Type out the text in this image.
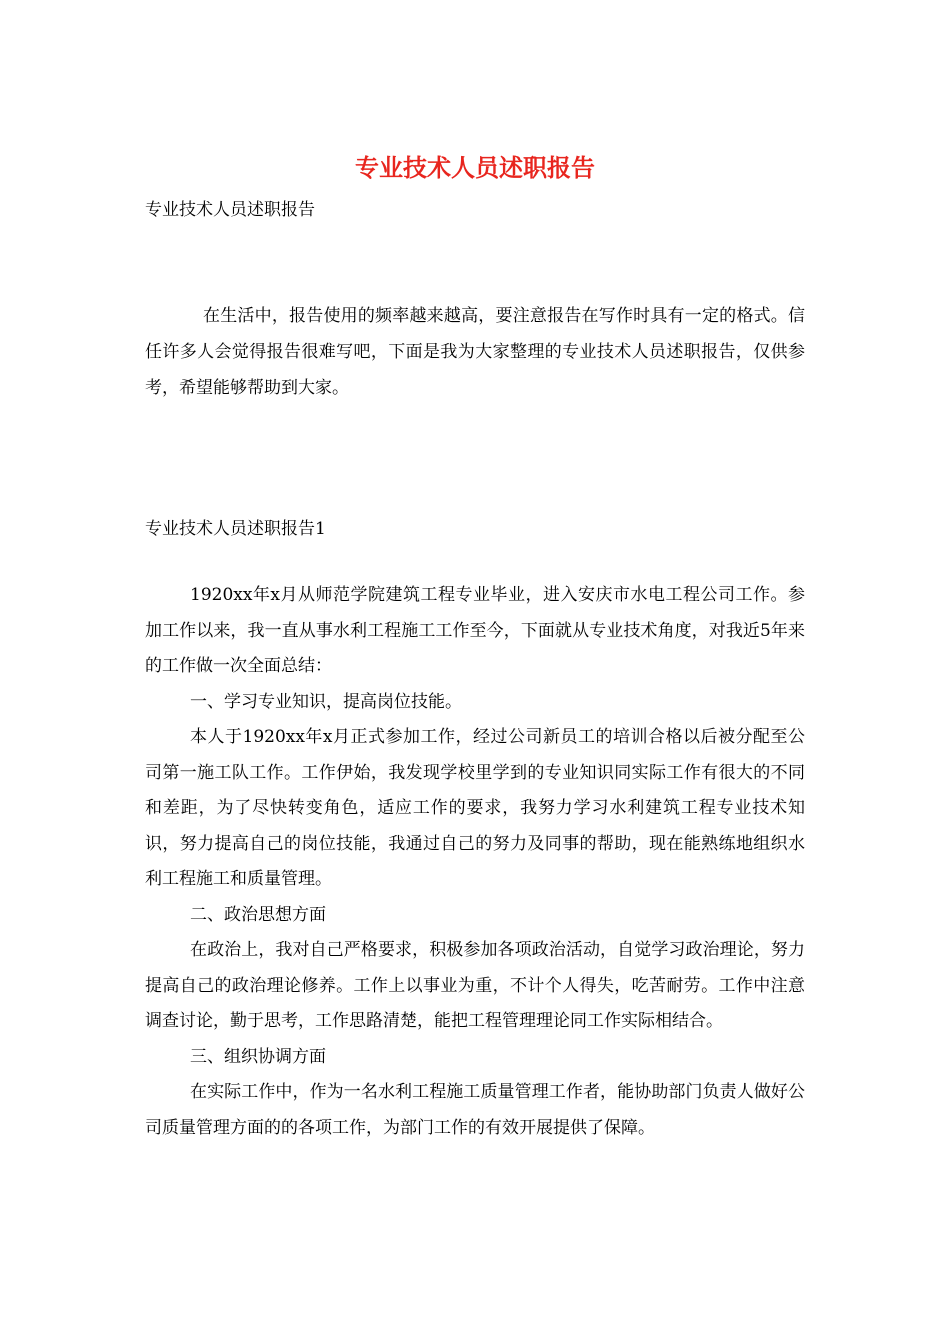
专业技术人员述职报告
专业技术人员述职报告

在生活中，报告使用的频率越来越高，要注意报告在写作时具有一定的格式。信任许多人会觉得报告很难写吧，下面是我为大家整理的专业技术人员述职报告，仅供参考，希望能够帮助到大家。

专业技术人员述职报告1

1920xx年x月从师范学院建筑工程专业毕业，进入安庆市水电工程公司工作。参加工作以来，我一直从事水利工程施工工作至今，下面就从专业技术角度，对我近5年来的工作做一次全面总结：

一、学习专业知识，提高岗位技能。

本人于1920xx年x月正式参加工作，经过公司新员工的培训合格以后被分配至公司第一施工队工作。工作伊始，我发现学校里学到的专业知识同实际工作有很大的不同和差距，为了尽快转变角色，适应工作的要求，我努力学习水利建筑工程专业技术知识，努力提高自己的岗位技能，我通过自己的努力及同事的帮助，现在能熟练地组织水利工程施工和质量管理。

二、政治思想方面

在政治上，我对自己严格要求，积极参加各项政治活动，自觉学习政治理论，努力提高自己的政治理论修养。工作上以事业为重，不计个人得失，吃苦耐劳。工作中注意调查讨论，勤于思考，工作思路清楚，能把工程管理理论同工作实际相结合。

三、组织协调方面

在实际工作中，作为一名水利工程施工质量管理工作者，能协助部门负责人做好公司质量管理方面的的各项工作，为部门工作的有效开展提供了保障。
